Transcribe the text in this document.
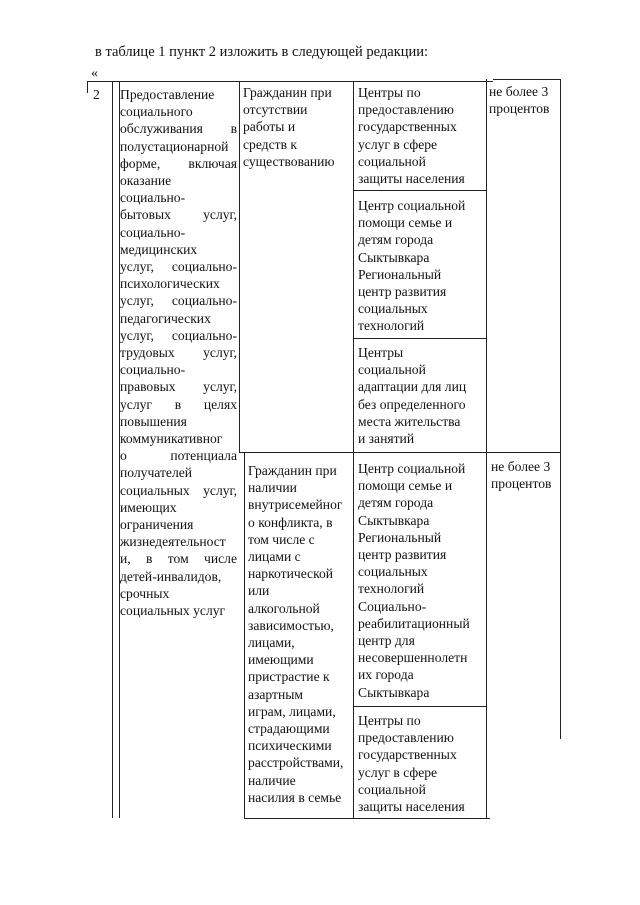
в таблице 1 пункт 2 изложить в следующей редакции:
«
2 Предоставление
социального
обслуживания в
полустационарной
форме, включая
оказание
социально-
бытовых услуг,
социально-
медицинских
услуг, социально-
психологических
услуг, социально-
педагогических
услуг, социально-
трудовых услуг,
социально-
правовых услуг,
услуг в целях
повышения
коммуникативног
о потенциала
получателей
социальных услуг,
имеющих
ограничения
жизнедеятельност
и, в том числе
детей-инвалидов,
срочных
социальных услуг
Гражданин при
отсутствии
работы и
средств к
существованию
Гражданин при
наличии
внутрисемейног
о конфликта, в
том числе с
лицами с
наркотической
или
алкогольной
зависимостью,
лицами,
имеющими
пристрастие к
азартным
играм, лицами,
страдающими
психическими
расстройствами,
наличие
насилия в семье
Центры по
предоставлению
государственных
услуг в сфере
социальной
защиты населения
Центр социальной
помощи семье и
детям города
Сыктывкара
Региональный
центр развития
социальных
технологий
Центры
социальной
адаптации для лиц
без определенного
места жительства
и занятий
Центр социальной
помощи семье и
детям города
Сыктывкара
Региональный
центр развития
социальных
технологий
Социально-
реабилитационный
центр для
несовершеннолетн
их города
Сыктывкара
Центры по
предоставлению
государственных
услуг в сфере
социальной
защиты населения
не более 3
процентов
не более 3
процентов
